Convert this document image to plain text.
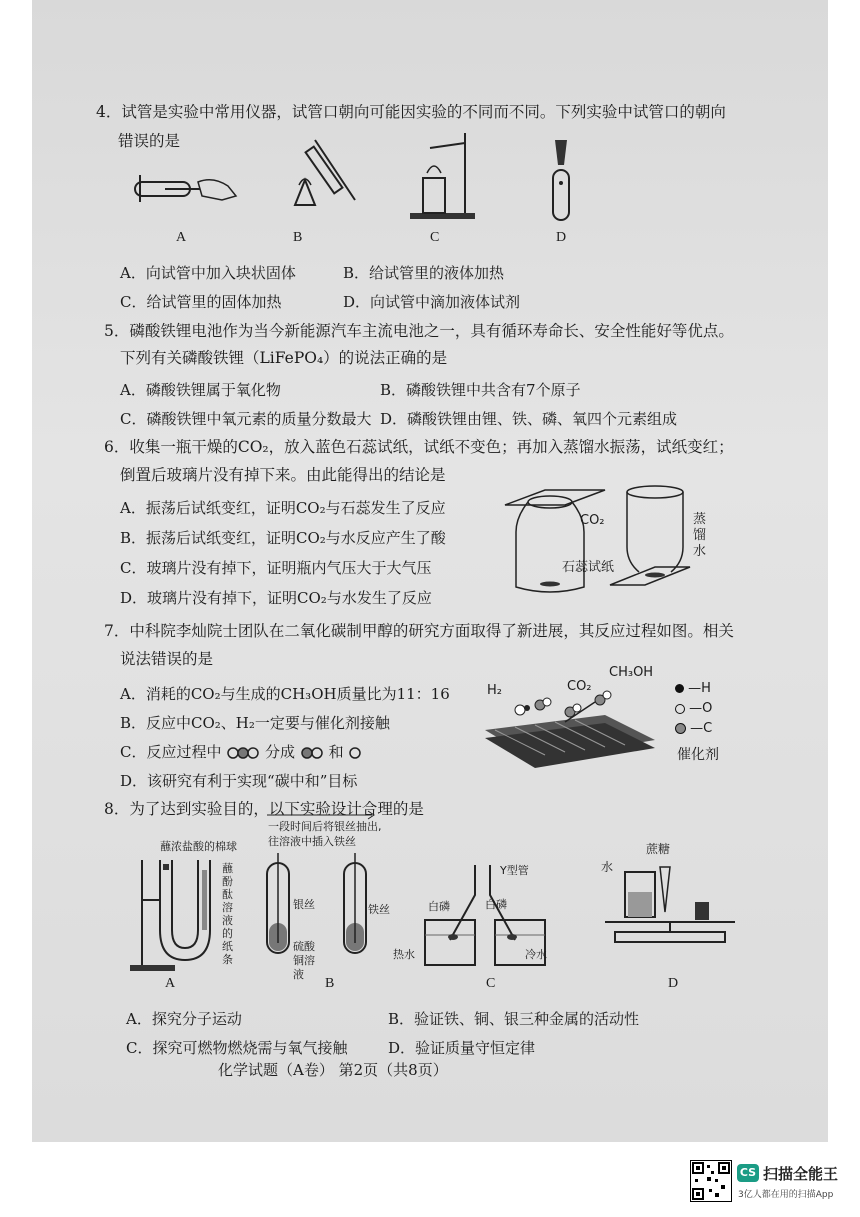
4．试管是实验中常用仪器，试管口朝向可能因实验的不同而不同。下列实验中试管口的朝向
错误的是
A	B	C	D
A．向试管中加入块状固体	B．给试管里的液体加热
C．给试管里的固体加热	D．向试管中滴加液体试剂
5．磷酸铁锂电池作为当今新能源汽车主流电池之一，具有循环寿命长、安全性能好等优点。
下列有关磷酸铁锂（LiFePO₄）的说法正确的是
A．磷酸铁锂属于氧化物	B．磷酸铁锂中共含有7个原子
C．磷酸铁锂中氧元素的质量分数最大 D．磷酸铁锂由锂、铁、磷、氧四个元素组成
6．收集一瓶干燥的CO₂，放入蓝色石蕊试纸，试纸不变色；再加入蒸馏水振荡，试纸变红；
倒置后玻璃片没有掉下来。由此能得出的结论是
A．振荡后试纸变红，证明CO₂与石蕊发生了反应
B．振荡后试纸变红，证明CO₂与水反应产生了酸
C．玻璃片没有掉下，证明瓶内气压大于大气压
D．玻璃片没有掉下，证明CO₂与水发生了反应
CO₂
石蕊试纸
蒸馏水
7．中科院李灿院士团队在二氧化碳制甲醇的研究方面取得了新进展，其反应过程如图。相关
说法错误的是
A．消耗的CO₂与生成的CH₃OH质量比为11：16
B．反应中CO₂、H₂一定要与催化剂接触
C．反应过程中	分成 和
D．该研究有利于实现“碳中和”目标
H₂	CO₂
CH₃OH
—H
—O
—C
催化剂
8．为了达到实验目的，以下实验设计合理的是
蘸浓盐酸的棉球
蘸酚酞溶液的纸条
一段时间后将银丝抽出,
往溶液中插入铁丝
银丝	铁丝
硫酸铜溶液
Y型管
白磷	白磷
热水	冷水
水
蔗糖
A	B	C	D
A．探究分子运动	B．验证铁、铜、银三种金属的活动性
C．探究可燃物燃烧需与氧气接触	D．验证质量守恒定律
化学试题（A卷） 第2页（共8页）
CS 扫描全能王
3亿人都在用的扫描App
